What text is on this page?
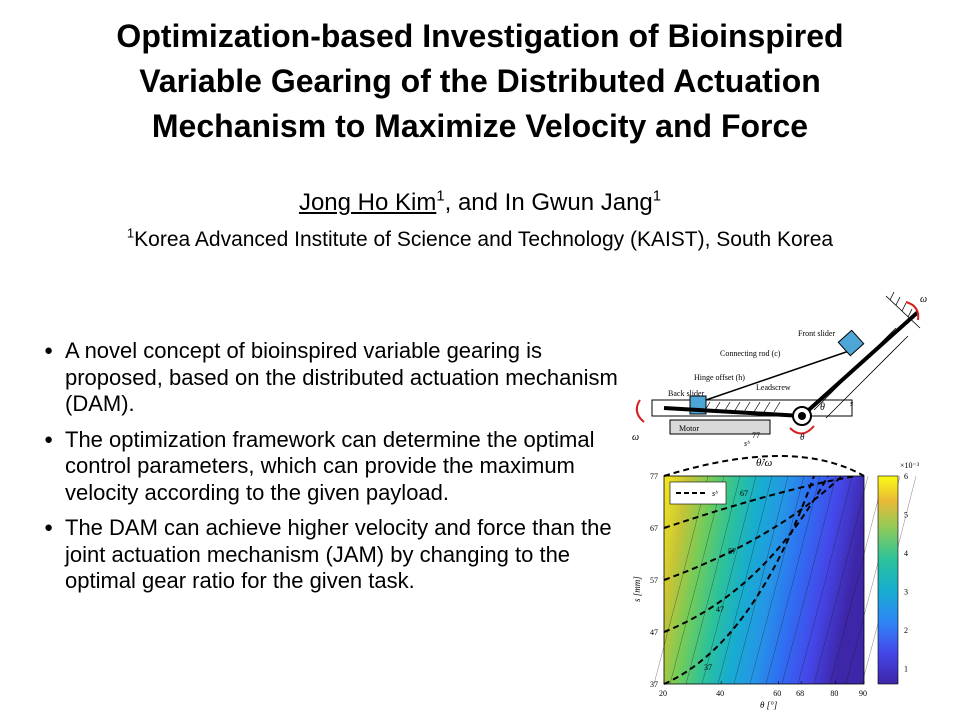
Optimization-based Investigation of Bioinspired
Variable Gearing of the Distributed Actuation
Mechanism to Maximize Velocity and Force
Jong Ho Kim$^1$, and In Gwun Jang$^1$
$^1$Korea Advanced Institute of Science and Technology (KAIST), South Korea
● A novel concept of bioinspired variable gearing is proposed, based on the distributed actuation mechanism (DAM).
● The optimization framework can determine the optimal control parameters, which can provide the maximum velocity according to the given payload.
● The DAM can achieve higher velocity and force than the joint actuation mechanism (JAM) by changing to the optimal gear ratio for the given task.
Motor
Front slider
Connecting rod (c)
Hinge offset (h)
Back slider
Leadscrew
ω
ω
θ
θ
s
sᵇ
θ̇/ω
37
47
57
67
77
20	40	60 68	80	90
37
47
57
67
77
θ [°]
s [mm]
sᵇ
×10⁻³
1
2
3
4
5
6
